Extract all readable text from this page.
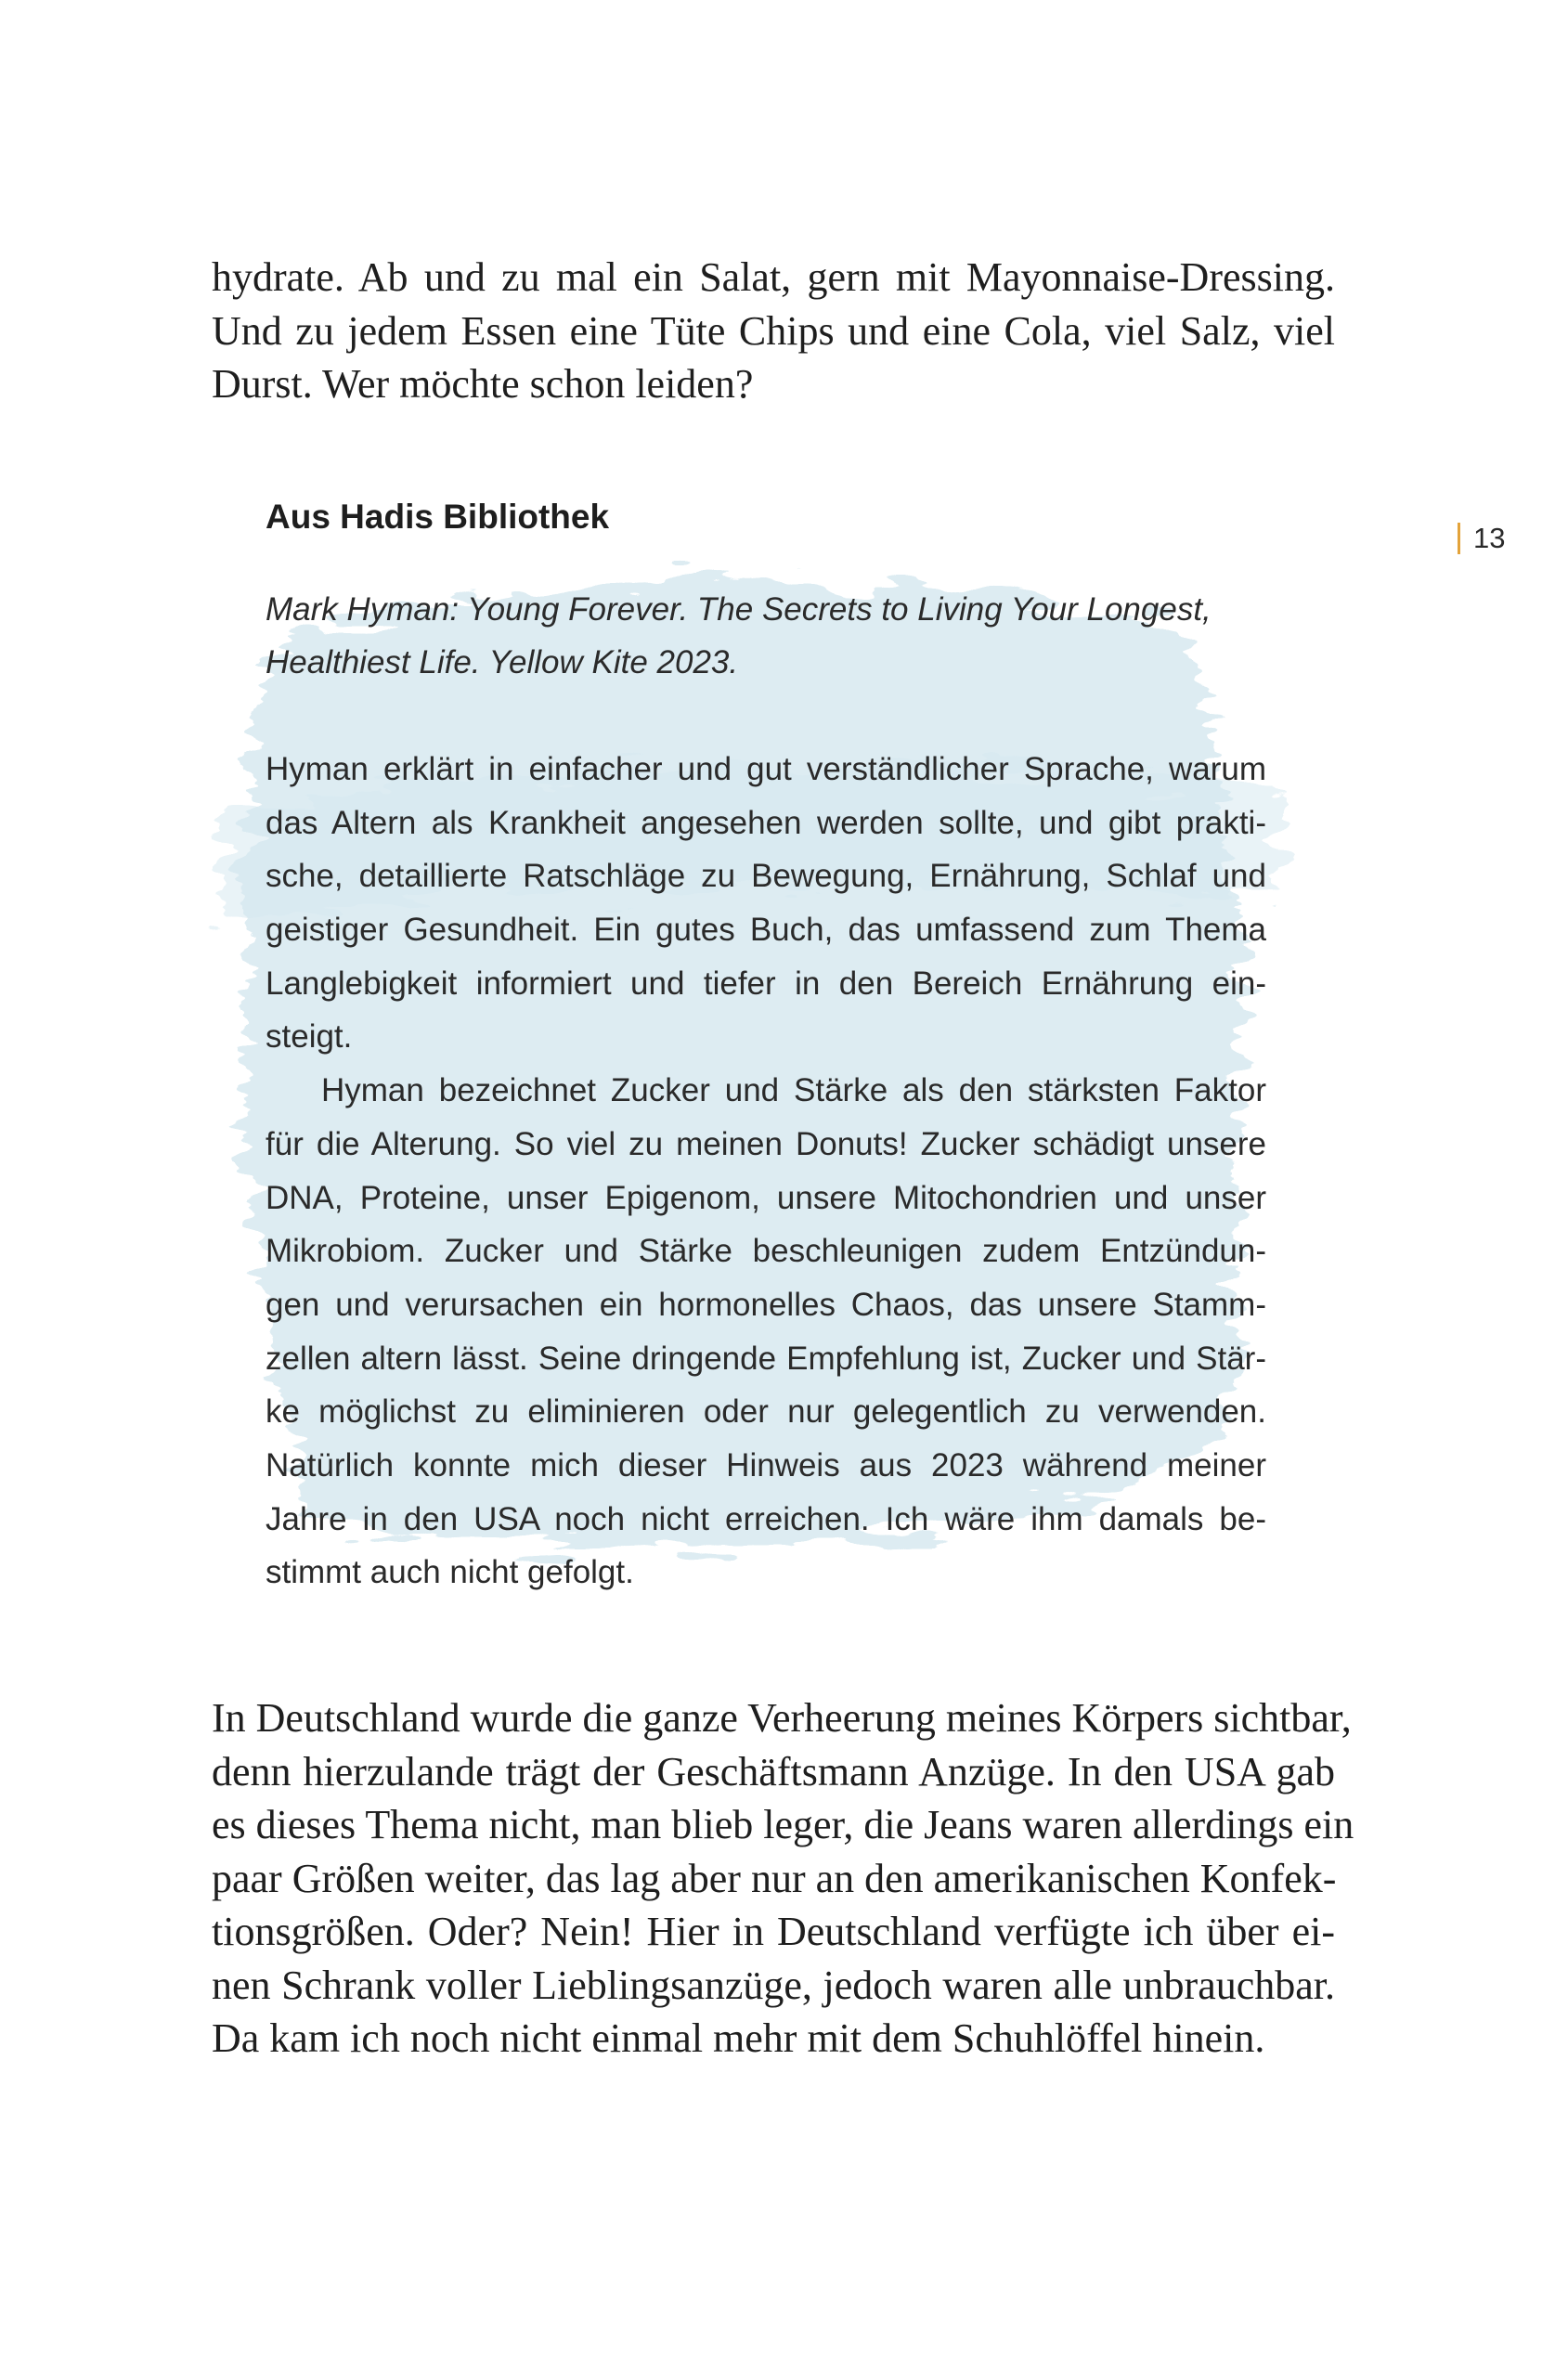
hydrate. Ab und zu mal ein Salat, gern mit Mayonnaise-Dressing.
Und zu jedem Essen eine Tüte Chips und eine Cola, viel Salz, viel
Durst. Wer möchte schon leiden?
13
Aus Hadis Bibliothek
Mark Hyman: Young Forever. The Secrets to Living Your Longest,
Healthiest Life. Yellow Kite 2023.
Hyman erklärt in einfacher und gut verständlicher Sprache, warum
das Altern als Krankheit angesehen werden sollte, und gibt prakti-
sche, detaillierte Ratschläge zu Bewegung, Ernährung, Schlaf und
geistiger Gesundheit. Ein gutes Buch, das umfassend zum Thema
Langlebigkeit informiert und tiefer in den Bereich Ernährung ein-
steigt.
Hyman bezeichnet Zucker und Stärke als den stärksten Faktor
für die Alterung. So viel zu meinen Donuts! Zucker schädigt unsere
DNA, Proteine, unser Epigenom, unsere Mitochondrien und unser
Mikrobiom. Zucker und Stärke beschleunigen zudem Entzündun-
gen und verursachen ein hormonelles Chaos, das unsere Stamm-
zellen altern lässt. Seine dringende Empfehlung ist, Zucker und Stär-
ke möglichst zu eliminieren oder nur gelegentlich zu verwenden.
Natürlich konnte mich dieser Hinweis aus 2023 während meiner
Jahre in den USA noch nicht erreichen. Ich wäre ihm damals be-
stimmt auch nicht gefolgt.
In Deutschland wurde die ganze Verheerung meines Körpers sichtbar,
denn hierzulande trägt der Geschäftsmann Anzüge. In den USA gab
es dieses Thema nicht, man blieb leger, die Jeans waren allerdings ein
paar Größen weiter, das lag aber nur an den amerikanischen Konfek-
tionsgrößen. Oder? Nein! Hier in Deutschland verfügte ich über ei-
nen Schrank voller Lieblingsanzüge, jedoch waren alle unbrauchbar.
Da kam ich noch nicht einmal mehr mit dem Schuhlöffel hinein.
